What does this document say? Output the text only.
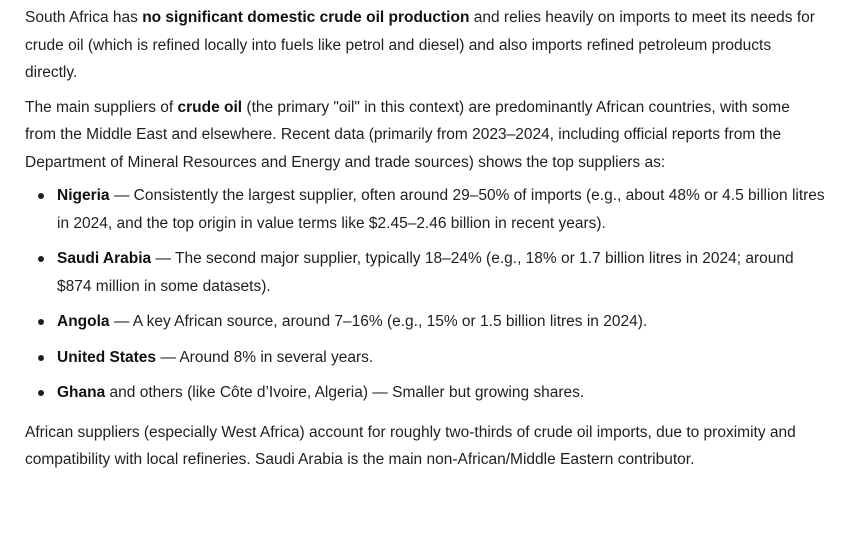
South Africa has no significant domestic crude oil production and relies heavily on imports to meet its needs for crude oil (which is refined locally into fuels like petrol and diesel) and also imports refined petroleum products directly.

The main suppliers of crude oil (the primary "oil" in this context) are predominantly African countries, with some from the Middle East and elsewhere. Recent data (primarily from 2023–2024, including official reports from the Department of Mineral Resources and Energy and trade sources) shows the top suppliers as:

Nigeria — Consistently the largest supplier, often around 29–50% of imports (e.g., about 48% or 4.5 billion litres in 2024, and the top origin in value terms like $2.45–2.46 billion in recent years).
Saudi Arabia — The second major supplier, typically 18–24% (e.g., 18% or 1.7 billion litres in 2024; around $874 million in some datasets).
Angola — A key African source, around 7–16% (e.g., 15% or 1.5 billion litres in 2024).
United States — Around 8% in several years.
Ghana and others (like Côte d’Ivoire, Algeria) — Smaller but growing shares.

African suppliers (especially West Africa) account for roughly two-thirds of crude oil imports, due to proximity and compatibility with local refineries. Saudi Arabia is the main non-African/Middle Eastern contributor.
